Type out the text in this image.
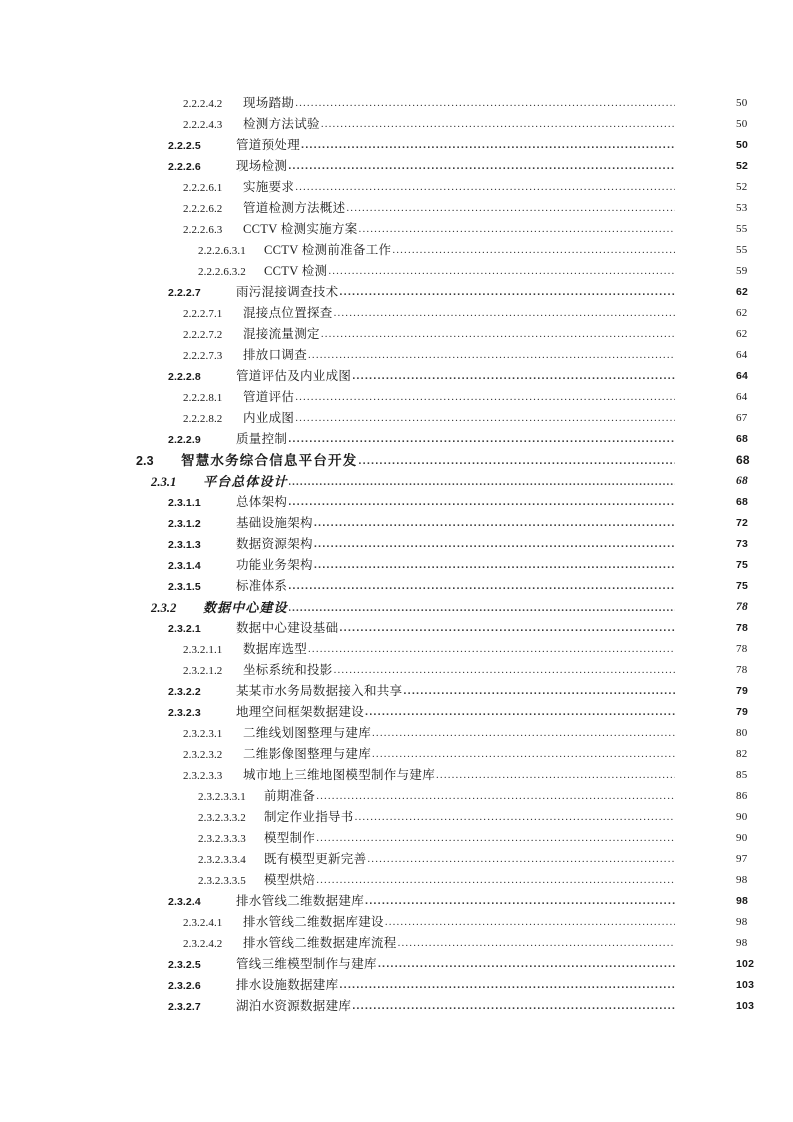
2.2.2.4.2	现场踏勘 .....	50
2.2.2.4.3	检测方法试验 .....	50
2.2.2.5	管道预处理 .....	50
2.2.2.6	现场检测 .....	52
2.2.2.6.1	实施要求 .....	52
2.2.2.6.2	管道检测方法概述 .....	53
2.2.2.6.3	CCTV 检测实施方案 .....	55
2.2.2.6.3.1	CCTV 检测前准备工作 .....	55
2.2.2.6.3.2	CCTV 检测 .....	59
2.2.2.7	雨污混接调查技术 .....	62
2.2.2.7.1	混接点位置探查 .....	62
2.2.2.7.2	混接流量测定 .....	62
2.2.2.7.3	排放口调查 .....	64
2.2.2.8	管道评估及内业成图 .....	64
2.2.2.8.1	管道评估 .....	64
2.2.2.8.2	内业成图 .....	67
2.2.2.9	质量控制 .....	68
2.3	智慧水务综合信息平台开发 .....	68
2.3.1	平台总体设计 .....	68
2.3.1.1	总体架构 .....	68
2.3.1.2	基础设施架构 .....	72
2.3.1.3	数据资源架构 .....	73
2.3.1.4	功能业务架构 .....	75
2.3.1.5	标准体系 .....	75
2.3.2	数据中心建设 .....	78
2.3.2.1	数据中心建设基础 .....	78
2.3.2.1.1	数据库选型 .....	78
2.3.2.1.2	坐标系统和投影 .....	78
2.3.2.2	某某市水务局数据接入和共享 .....	79
2.3.2.3	地理空间框架数据建设 .....	79
2.3.2.3.1	二维线划图整理与建库 .....	80
2.3.2.3.2	二维影像图整理与建库 .....	82
2.3.2.3.3	城市地上三维地图模型制作与建库 .....	85
2.3.2.3.3.1	前期准备 .....	86
2.3.2.3.3.2	制定作业指导书 .....	90
2.3.2.3.3.3	模型制作 .....	90
2.3.2.3.3.4	既有模型更新完善 .....	97
2.3.2.3.3.5	模型烘焙 .....	98
2.3.2.4	排水管线二维数据建库 .....	98
2.3.2.4.1	排水管线二维数据库建设 .....	98
2.3.2.4.2	排水管线二维数据建库流程 .....	98
2.3.2.5	管线三维模型制作与建库 .....	102
2.3.2.6	排水设施数据建库 .....	103
2.3.2.7	湖泊水资源数据建库 .....	103
